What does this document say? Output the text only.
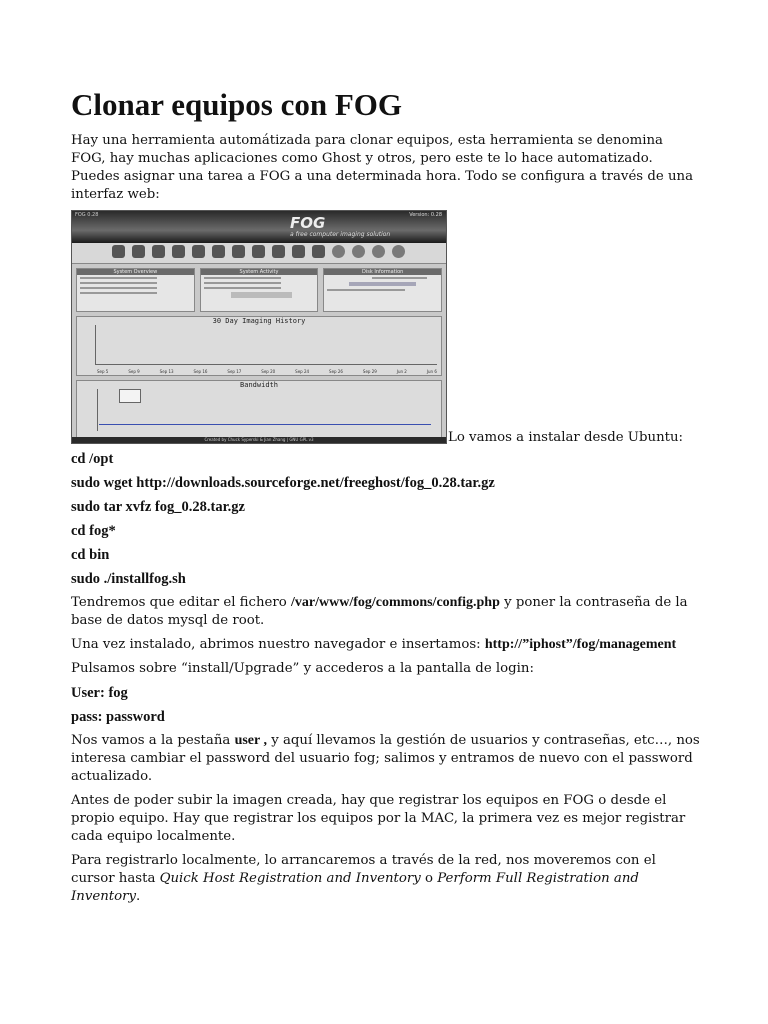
Clonar equipos con FOG

Hay una herramienta automátizada para clonar equipos, esta herramienta se denomina FOG, hay muchas aplicaciones como Ghost y otros, pero este te lo hace automatizado. Puedes asignar una tarea a FOG a una determinada hora. Todo se configura a través de una interfaz web:

FOG 0.28	FOG
a free computer imaging solution
Version: 0.28
System Overview	System Activity	Disk Information
30 Day Imaging History
Sep 5	Sep 9	Sep 13	Sep 16	Sep 17	Sep 20	Sep 24	Sep 26	Sep 29	Jun 2	Jun 6
Bandwidth
Created by Chuck Syperski & Jian Zhang | GNU GPL v3	Lo vamos a instalar desde Ubuntu:
cd /opt
sudo wget http://downloads.sourceforge.net/freeghost/fog_0.28.tar.gz
sudo tar xvfz fog_0.28.tar.gz
cd fog*
cd bin
sudo ./installfog.sh

Tendremos que editar el fichero /var/www/fog/commons/config.php y poner la contraseña de la base de datos mysql de root.

Una vez instalado, abrimos nuestro navegador e insertamos: http://”iphost”/fog/management

Pulsamos sobre “install/Upgrade” y accederos a la pantalla de login:

User: fog
pass: password

Nos vamos a la pestaña user , y aquí llevamos la gestión de usuarios y contraseñas, etc…, nos interesa cambiar el password del usuario fog; salimos y entramos de nuevo con el password actualizado.

Antes de poder subir la imagen creada, hay que registrar los equipos en FOG o desde el propio equipo. Hay que registrar los equipos por la MAC, la primera vez es mejor registrar cada equipo localmente.

Para registrarlo localmente, lo arrancaremos a través de la red, nos moveremos con el cursor hasta Quick Host Registration and Inventory o Perform Full Registration and Inventory.
